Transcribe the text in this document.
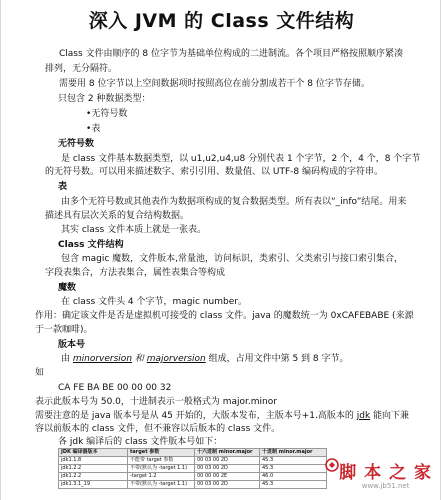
深入 JVM 的 Class 文件结构
Class 文件由顺序的 8 位字节为基础单位构成的二进制流。各个项目严格按照顺序紧凑
排列，无分隔符。
需要用 8 位字节以上空间数据项时按照高位在前分割成若干个 8 位字节存储。
只包含 2 种数据类型：
•无符号数
•表
无符号数
是 class 文件基本数据类型，以 u1,u2,u4,u8 分别代表 1 个字节，2 个，4 个，8 个字节
的无符号数。可以用来描述数字、索引引用、数量值、以 UTF-8 编码构成的字符串。
表
由多个无符号数或其他表作为数据项构成的复合数据类型。所有表以“_info”结尾。用来
描述具有层次关系的复合结构数据。
其实 class 文件本质上就是一张表。
Class 文件结构
包含 magic 魔数，文件版本,常量池，访问标识，类索引、父类索引与接口索引集合，
字段表集合，方法表集合，属性表集合等构成
魔数
在 class 文件头 4 个字节，magic number。
作用：确定该文件是否是虚拟机可接受的 class 文件。java 的魔数统一为 0xCAFEBABE (来源
于一款咖啡)。
版本号
由 minorversion 和 majorversion 组成，占用文件中第 5 到 8 字节。
如
CA FE BA BE 00 00 00 32
表示此版本号为 50.0，十进制表示一般格式为 major.minor
需要注意的是 java 版本号是从 45 开始的，大版本发布，主版本号+1.高版本的 jdk 能向下兼
容以前版本的 class 文件，但不兼容以后版本的 class 文件。
各 jdk 编译后的 class 文件版本号如下：
JDK 编译器版本	target 参数	十六进制 minor.major	十进制 minor.major
jdk1.1.8	不能带 target 参数	00 03 00 2D	45.3
jdk1.2.2	不带(默认为 -target 1.1)	00 03 00 2D	45.3
jdk1.2.2	-target 1.2	00 00 00 2E	46.0
jdk1.3.1_19	不带(默认为 -target 1.1)	00 03 00 2D	45.3
脚 本 之 家
www.jb51.net
